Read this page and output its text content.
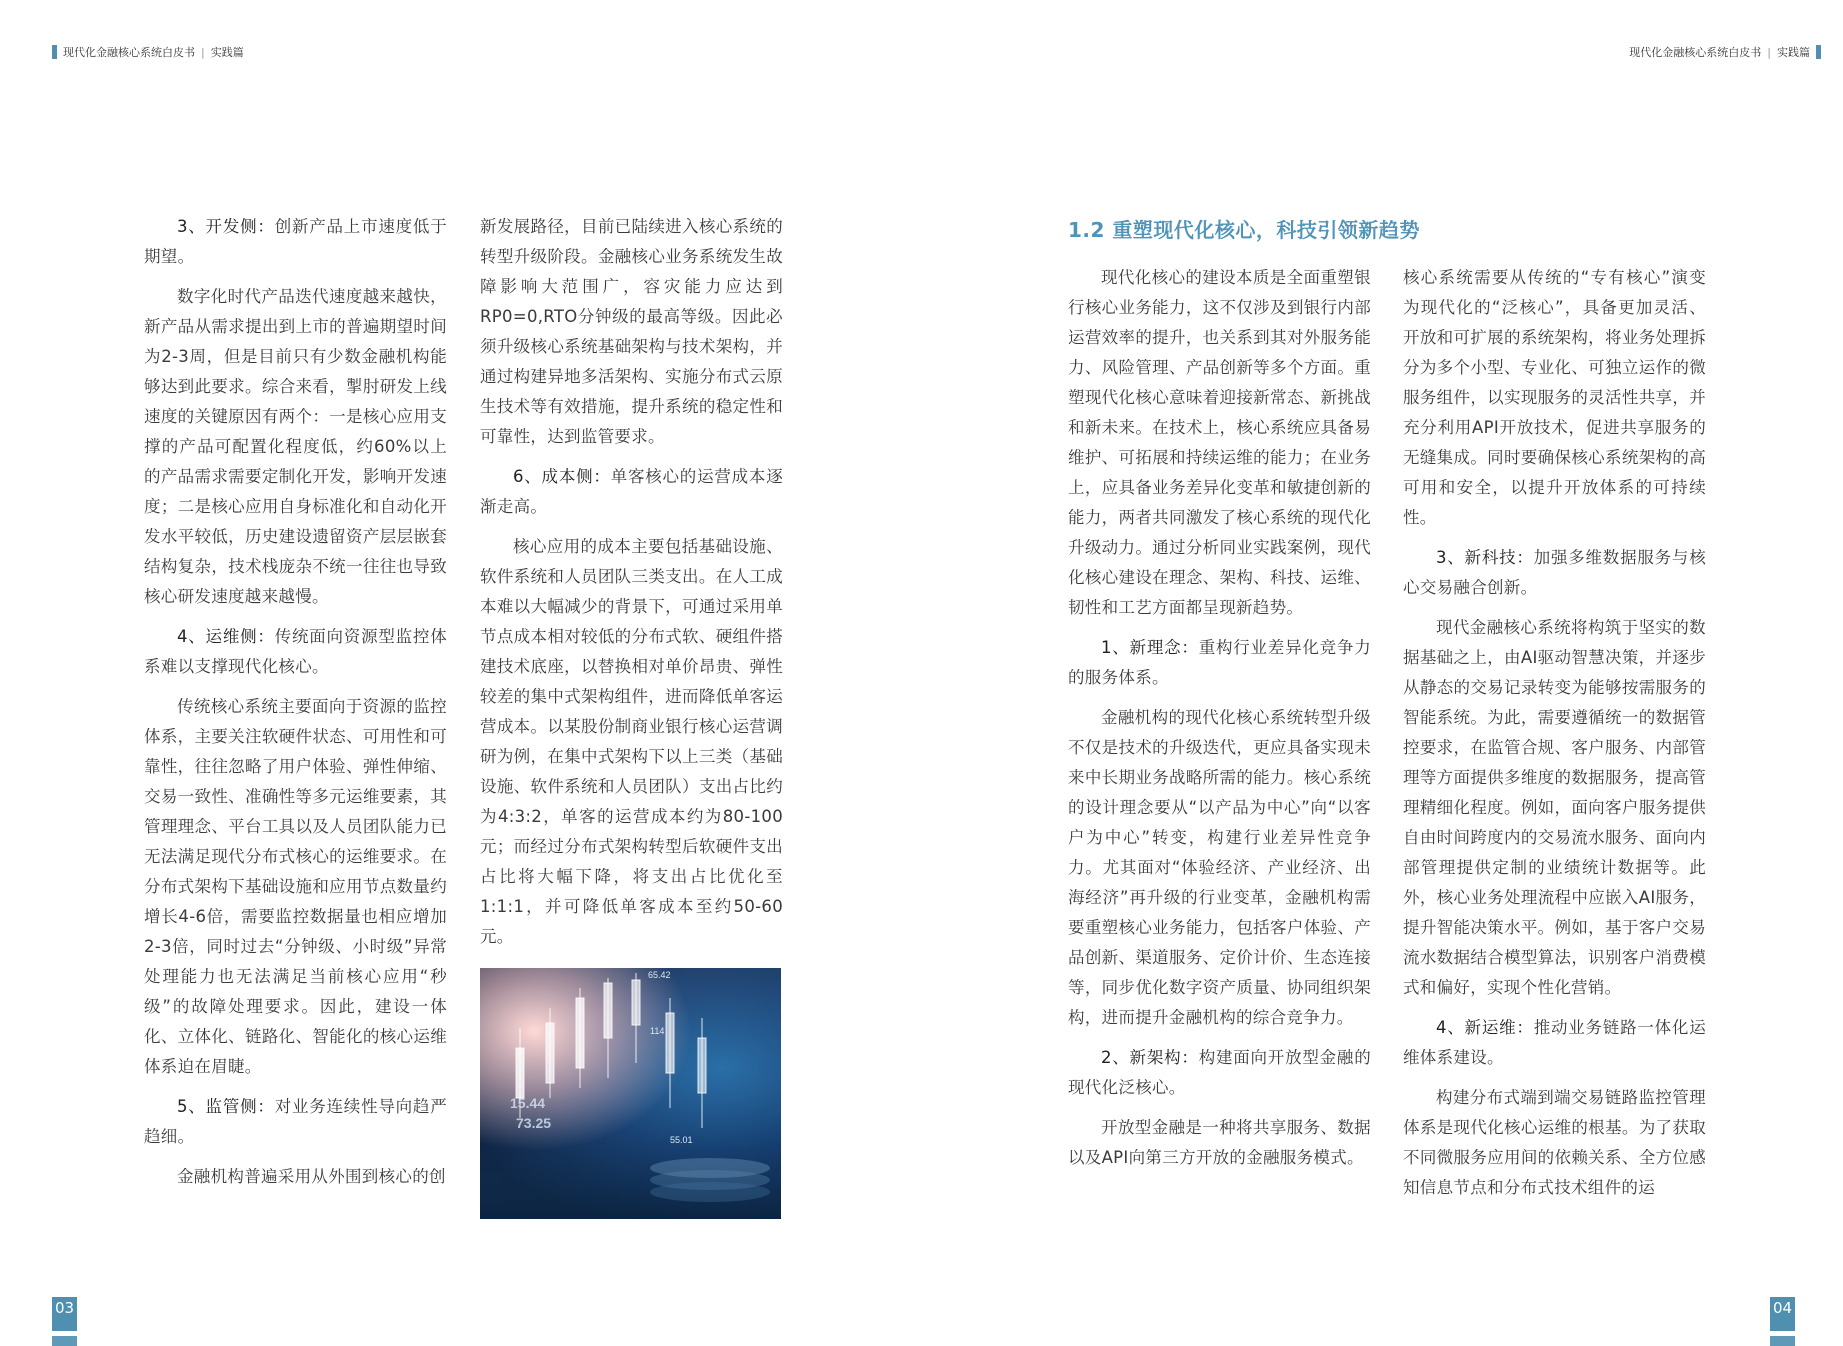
现代化金融核心系统白皮书 | 实践篇	现代化金融核心系统白皮书 | 实践篇

3、开发侧：创新产品上市速度低于期望。

数字化时代产品迭代速度越来越快，新产品从需求提出到上市的普遍期望时间为2-3周，但是目前只有少数金融机构能够达到此要求。综合来看，掣肘研发上线速度的关键原因有两个：一是核心应用支撑的产品可配置化程度低，约60%以上的产品需求需要定制化开发，影响开发速度；二是核心应用自身标准化和自动化开发水平较低，历史建设遗留资产层层嵌套结构复杂，技术栈庞杂不统一往往也导致核心研发速度越来越慢。

4、运维侧：传统面向资源型监控体系难以支撑现代化核心。

传统核心系统主要面向于资源的监控体系，主要关注软硬件状态、可用性和可靠性，往往忽略了用户体验、弹性伸缩、交易一致性、准确性等多元运维要素，其管理理念、平台工具以及人员团队能力已无法满足现代分布式核心的运维要求。在分布式架构下基础设施和应用节点数量约增长4-6倍，需要监控数据量也相应增加2-3倍，同时过去“分钟级、小时级”异常处理能力也无法满足当前核心应用“秒级”的故障处理要求。因此，建设一体化、立体化、链路化、智能化的核心运维体系迫在眉睫。

5、监管侧：对业务连续性导向趋严趋细。

金融机构普遍采用从外围到核心的创

新发展路径，目前已陆续进入核心系统的转型升级阶段。金融核心业务系统发生故障影响大范围广，容灾能力应达到RP0=0,RTO分钟级的最高等级。因此必须升级核心系统基础架构与技术架构，并通过构建异地多活架构、实施分布式云原生技术等有效措施，提升系统的稳定性和可靠性，达到监管要求。

6、成本侧：单客核心的运营成本逐渐走高。

核心应用的成本主要包括基础设施、软件系统和人员团队三类支出。在人工成本难以大幅减少的背景下，可通过采用单节点成本相对较低的分布式软、硬组件搭建技术底座，以替换相对单价昂贵、弹性较差的集中式架构组件，进而降低单客运营成本。以某股份制商业银行核心运营调研为例，在集中式架构下以上三类（基础设施、软件系统和人员团队）支出占比约为4:3:2，单客的运营成本约为80-100元；而经过分布式架构转型后软硬件支出占比将大幅下降，将支出占比优化至1:1:1，并可降低单客成本至约50-60元。

65.42
114
15.44
73.25
55.01
1.2 重塑现代化核心，科技引领新趋势

现代化核心的建设本质是全面重塑银行核心业务能力，这不仅涉及到银行内部运营效率的提升，也关系到其对外服务能力、风险管理、产品创新等多个方面。重塑现代化核心意味着迎接新常态、新挑战和新未来。在技术上，核心系统应具备易维护、可拓展和持续运维的能力；在业务上，应具备业务差异化变革和敏捷创新的能力，两者共同激发了核心系统的现代化升级动力。通过分析同业实践案例，现代化核心建设在理念、架构、科技、运维、韧性和工艺方面都呈现新趋势。

1、新理念：重构行业差异化竞争力的服务体系。

金融机构的现代化核心系统转型升级不仅是技术的升级迭代，更应具备实现未来中长期业务战略所需的能力。核心系统的设计理念要从“以产品为中心”向“以客户为中心”转变，构建行业差异性竞争力。尤其面对“体验经济、产业经济、出海经济”再升级的行业变革，金融机构需要重塑核心业务能力，包括客户体验、产品创新、渠道服务、定价计价、生态连接等，同步优化数字资产质量、协同组织架构，进而提升金融机构的综合竞争力。

2、新架构：构建面向开放型金融的现代化泛核心。

开放型金融是一种将共享服务、数据以及API向第三方开放的金融服务模式。

核心系统需要从传统的“专有核心”演变为现代化的“泛核心”，具备更加灵活、开放和可扩展的系统架构，将业务处理拆分为多个小型、专业化、可独立运作的微服务组件，以实现服务的灵活性共享，并充分利用API开放技术，促进共享服务的无缝集成。同时要确保核心系统架构的高可用和安全，以提升开放体系的可持续性。

3、新科技：加强多维数据服务与核心交易融合创新。

现代金融核心系统将构筑于坚实的数据基础之上，由AI驱动智慧决策，并逐步从静态的交易记录转变为能够按需服务的智能系统。为此，需要遵循统一的数据管控要求，在监管合规、客户服务、内部管理等方面提供多维度的数据服务，提高管理精细化程度。例如，面向客户服务提供自由时间跨度内的交易流水服务、面向内部管理提供定制的业绩统计数据等。此外，核心业务处理流程中应嵌入AI服务，提升智能决策水平。例如，基于客户交易流水数据结合模型算法，识别客户消费模式和偏好，实现个性化营销。

4、新运维：推动业务链路一体化运维体系建设。

构建分布式端到端交易链路监控管理体系是现代化核心运维的根基。为了获取不同微服务应用间的依赖关系、全方位感知信息节点和分布式技术组件的运

03	04
